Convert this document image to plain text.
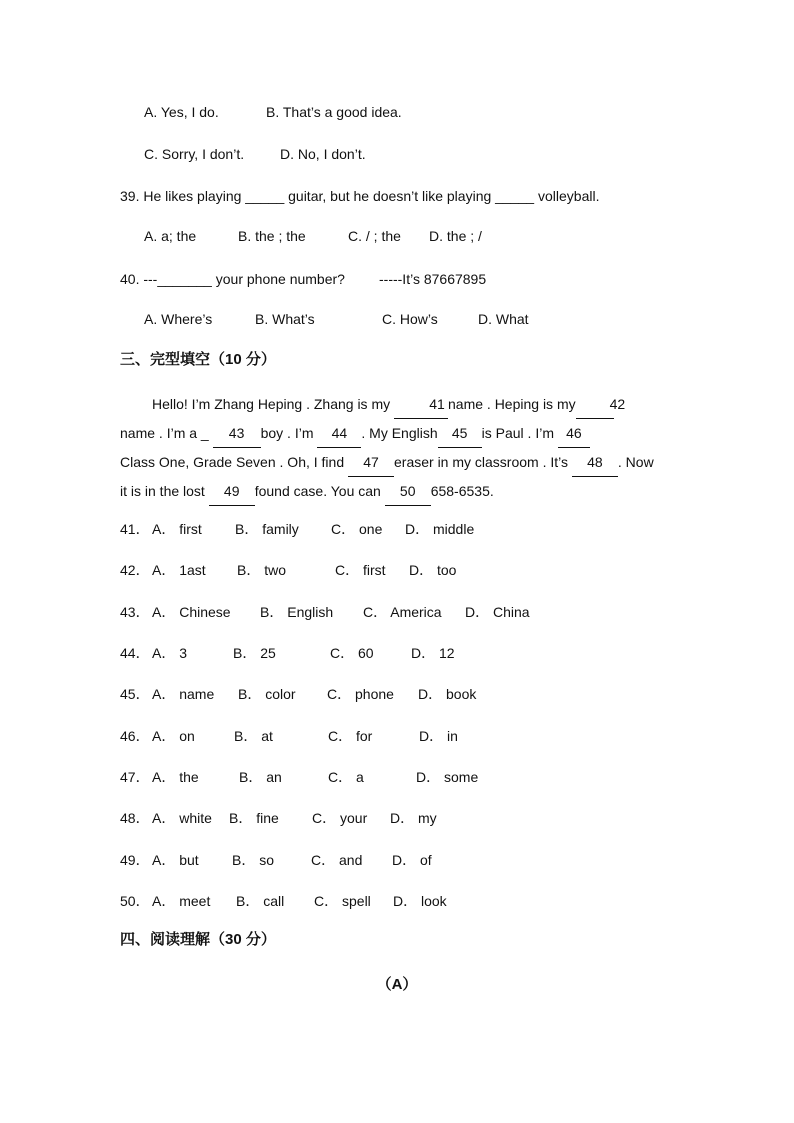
A. Yes, I do.	B. That’s a good idea.
C. Sorry, I don’t.	D. No, I don’t.
39. He likes playing _____ guitar, but he doesn’t like playing _____ volleyball.
A. a; the	B. the ; the	C. / ; the D. the ; /
40. ---_______ your phone number? -----It’s 87667895
A. Where’s	B. What’s	C. How’s	D. What
三、完型填空（10 分）
Hello! I’m Zhang Heping . Zhang is my	41 name . Heping is my 42
name . I’m a _ 43 boy . I’m 44 . My English 45 is Paul . I’m 46
Class One, Grade Seven . Oh, I find 47 eraser in my classroom . It’s 48 . Now
it is in the lost 49 found case. You can 50 658-6535.
41． A． first B． family C． one D． middle
42． A． 1ast B． two	C． first D． too
43． A． Chinese B． English C． America D． China
44． A． 3	B． 25	C． 60	D． 12
45． A． name B． color C． phone D． book
46． A． on	B． at	C． for	D． in
47． A． the	B． an	C． a	D． some
48． A． white B． fine C． your D． my
49． A． but B． so	C． and D． of
50． A． meet B． call C． spell D． look
四、阅读理解（30 分）
（A）
